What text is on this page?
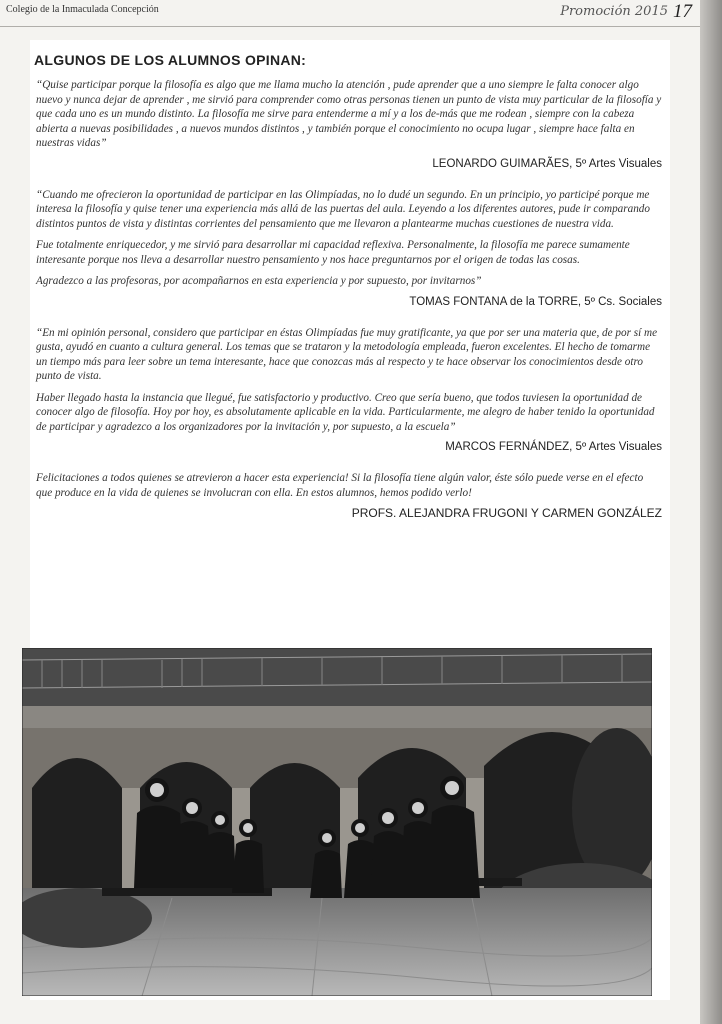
Colegio de la Inmaculada Concepción	Promoción 2015 17
ALGUNOS DE LOS ALUMNOS OPINAN:

“Quise participar porque la filosofía es algo que me llama mucho la atención , pude aprender que a uno siempre le falta conocer algo nuevo y nunca dejar de aprender , me sirvió para comprender como otras personas tienen un punto de vista muy particular de la filosofía y que cada uno es un mundo distinto. La filosofía me sirve para entenderme a mí y a los de-más que me rodean , siempre con la cabeza abierta a nuevas posibilidades , a nuevos mundos distintos , y también porque el conocimiento no ocupa lugar , siempre hace falta en nuestras vidas”

LEONARDO GUIMARÃES, 5º Artes Visuales

“Cuando me ofrecieron la oportunidad de participar en las Olimpíadas, no lo dudé un segundo. En un principio, yo participé porque me interesa la filosofía y quise tener una experiencia más allá de las puertas del aula. Leyendo a los diferentes autores, pude ir comparando distintos puntos de vista y distintas corrientes del pensamiento que me llevaron a plantearme muchas cuestiones de nuestra vida.

Fue totalmente enriquecedor, y me sirvió para desarrollar mi capacidad reflexiva. Personalmente, la filosofía me parece sumamente interesante porque nos lleva a desarrollar nuestro pensamiento y nos hace preguntarnos por el origen de todas las cosas.

Agradezco a las profesoras, por acompañarnos en esta experiencia y por supuesto, por invitarnos”

TOMAS FONTANA de la TORRE, 5º Cs. Sociales

“En mi opinión personal, considero que participar en éstas Olimpíadas fue muy gratificante, ya que por ser una materia que, de por sí me gusta, ayudó en cuanto a cultura general. Los temas que se trataron y la metodología empleada, fueron excelentes. El hecho de tomarme un tiempo más para leer sobre un tema interesante, hace que conozcas más al respecto y te hace observar los conocimientos desde otro punto de vista.

Haber llegado hasta la instancia que llegué, fue satisfactorio y productivo. Creo que sería bueno, que todos tuviesen la oportunidad de conocer algo de filosofía. Hoy por hoy, es absolutamente aplicable en la vida. Particularmente, me alegro de haber tenido la oportunidad de participar y agradezco a los organizadores por la invitación y, por supuesto, a la escuela”

MARCOS FERNÁNDEZ, 5º Artes Visuales
Felicitaciones a todos quienes se atrevieron a hacer esta experiencia! Si la filosofía tiene algún valor, éste sólo puede verse en el efecto que produce en la vida de quienes se involucran con ella. En estos alumnos, hemos podido verlo!
PROFS. ALEJANDRA FRUGONI Y CARMEN GONZÁLEZ
